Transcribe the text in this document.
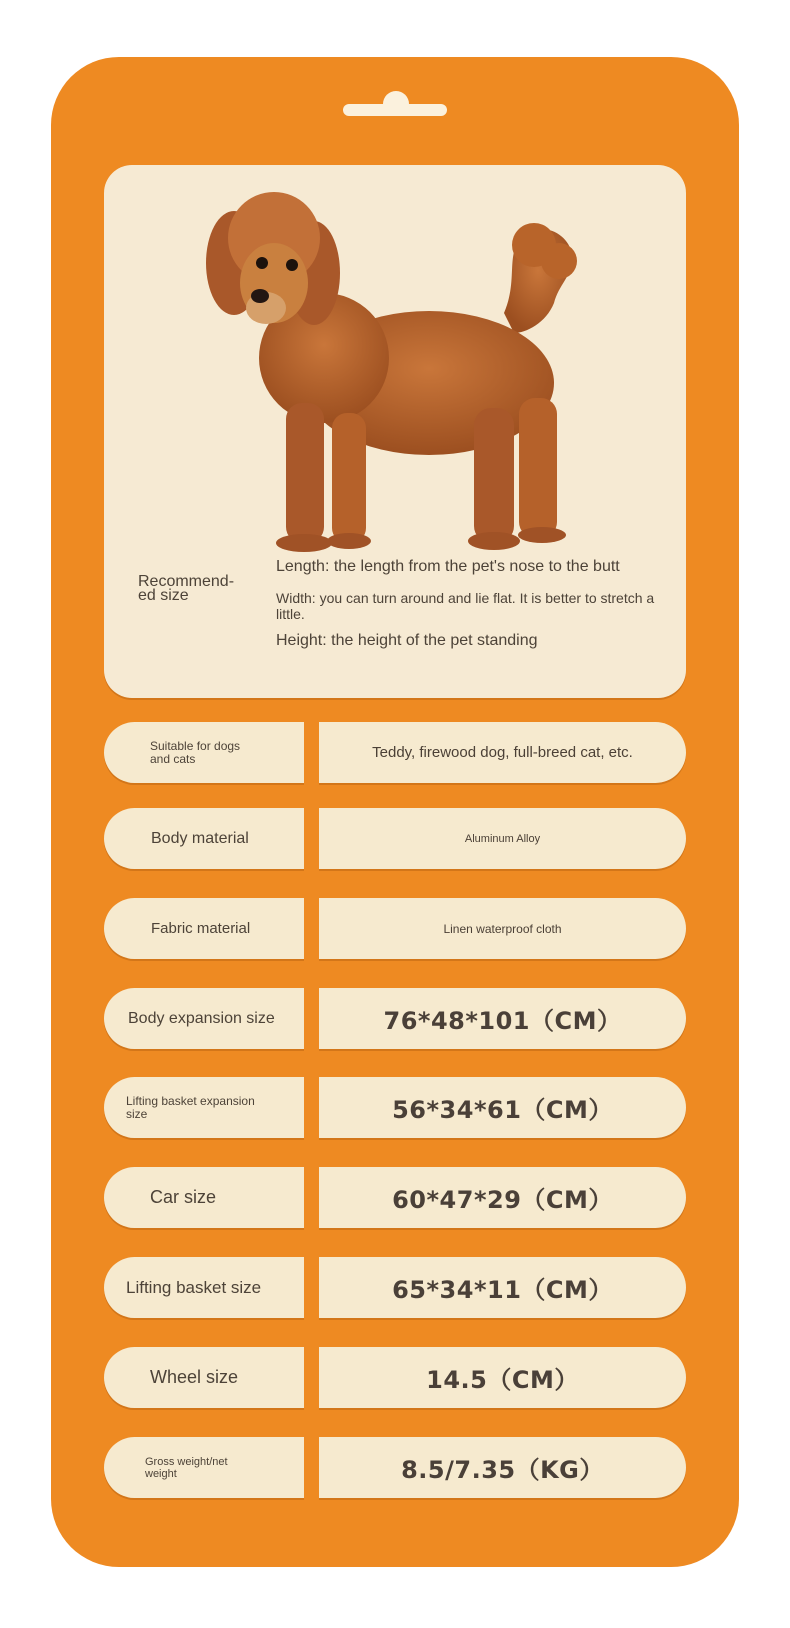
Recommend-
ed size
Length: the length from the pet's nose to the butt
Width: you can turn around and lie flat. It is better to stretch a little.
Height: the height of the pet standing
Suitable for dogs and cats	Teddy, firewood dog, full-breed cat, etc.
Body material	Aluminum Alloy
Fabric material	Linen waterproof cloth
Body expansion size	76*48*101（CM）
Lifting basket expansion size	56*34*61（CM）
Car size	60*47*29（CM）
Lifting basket size	65*34*11（CM）
Wheel size	14.5（CM）
Gross weight/net weight	8.5/7.35（KG）
